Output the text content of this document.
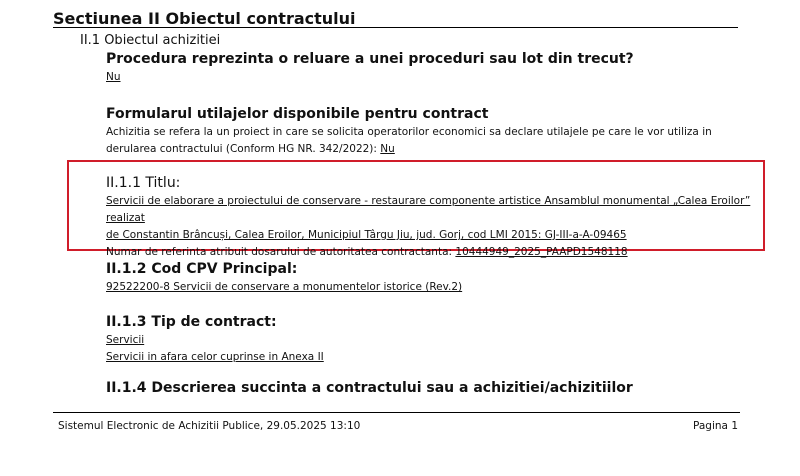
Sectiunea II Obiectul contractului
II.1 Obiectul achizitiei

Procedura reprezinta o reluare a unei proceduri sau lot din trecut?

Nu

Formularul utilajelor disponibile pentru contract

Achizitia se refera la un proiect in care se solicita operatorilor economici sa declare utilajele pe care le vor utiliza in derularea contractului (Conform HG NR. 342/2022): Nu

II.1.1 Titlu:

Servicii de elaborare a proiectului de conservare - restaurare componente artistice Ansamblul monumental „Calea Eroilor” realizat

de Constantin Brâncuși, Calea Eroilor, Municipiul Târgu Jiu, jud. Gorj, cod LMI 2015: GJ-III-a-A-09465

Numar de referinta atribuit dosarului de autoritatea contractanta: 10444949_2025_PAAPD1548118

II.1.2 Cod CPV Principal:

92522200-8 Servicii de conservare a monumentelor istorice (Rev.2)

II.1.3 Tip de contract:

Servicii

Servicii in afara celor cuprinse in Anexa II

II.1.4 Descrierea succinta a contractului sau a achizitiei/achizitiilor

Sistemul Electronic de Achizitii Publice, 29.05.2025 13:10	Pagina 1
